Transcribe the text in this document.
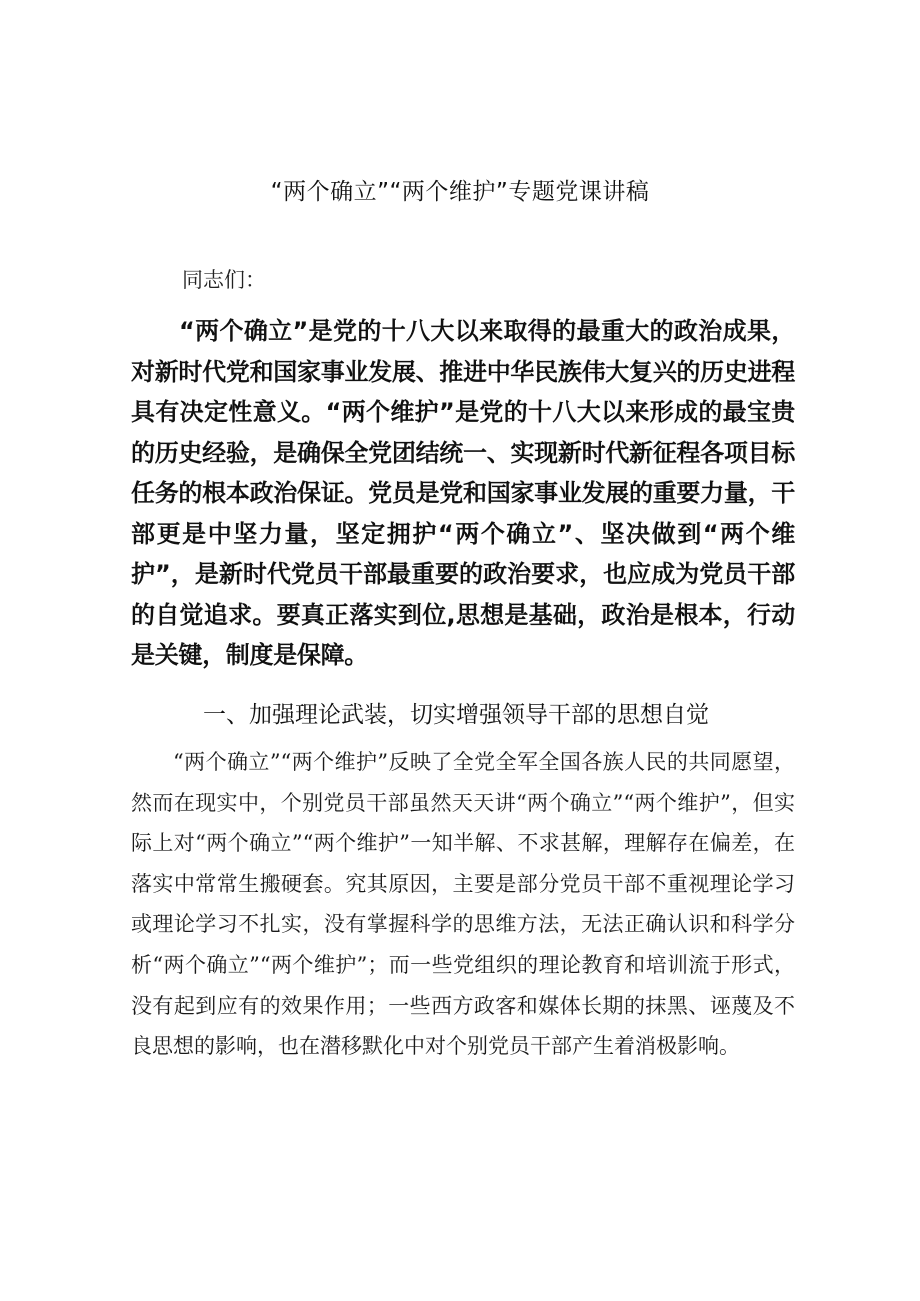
“两个确立”“两个维护”专题党课讲稿

同志们：

“两个确立”是党的十八大以来取得的最重大的政治成果，对新时代党和国家事业发展、推进中华民族伟大复兴的历史进程具有决定性意义。“两个维护”是党的十八大以来形成的最宝贵的历史经验，是确保全党团结统一、实现新时代新征程各项目标任务的根本政治保证。党员是党和国家事业发展的重要力量，干部更是中坚力量，坚定拥护“两个确立”、坚决做到“两个维护”，是新时代党员干部最重要的政治要求，也应成为党员干部的自觉追求。要真正落实到位,思想是基础，政治是根本，行动是关键，制度是保障。

一、加强理论武装，切实增强领导干部的思想自觉

“两个确立”“两个维护”反映了全党全军全国各族人民的共同愿望，然而在现实中，个别党员干部虽然天天讲“两个确立”“两个维护”，但实际上对“两个确立”“两个维护”一知半解、不求甚解，理解存在偏差，在落实中常常生搬硬套。究其原因，主要是部分党员干部不重视理论学习或理论学习不扎实，没有掌握科学的思维方法，无法正确认识和科学分析“两个确立”“两个维护”；而一些党组织的理论教育和培训流于形式，没有起到应有的效果作用；一些西方政客和媒体长期的抹黑、诬蔑及不良思想的影响，也在潜移默化中对个别党员干部产生着消极影响。
